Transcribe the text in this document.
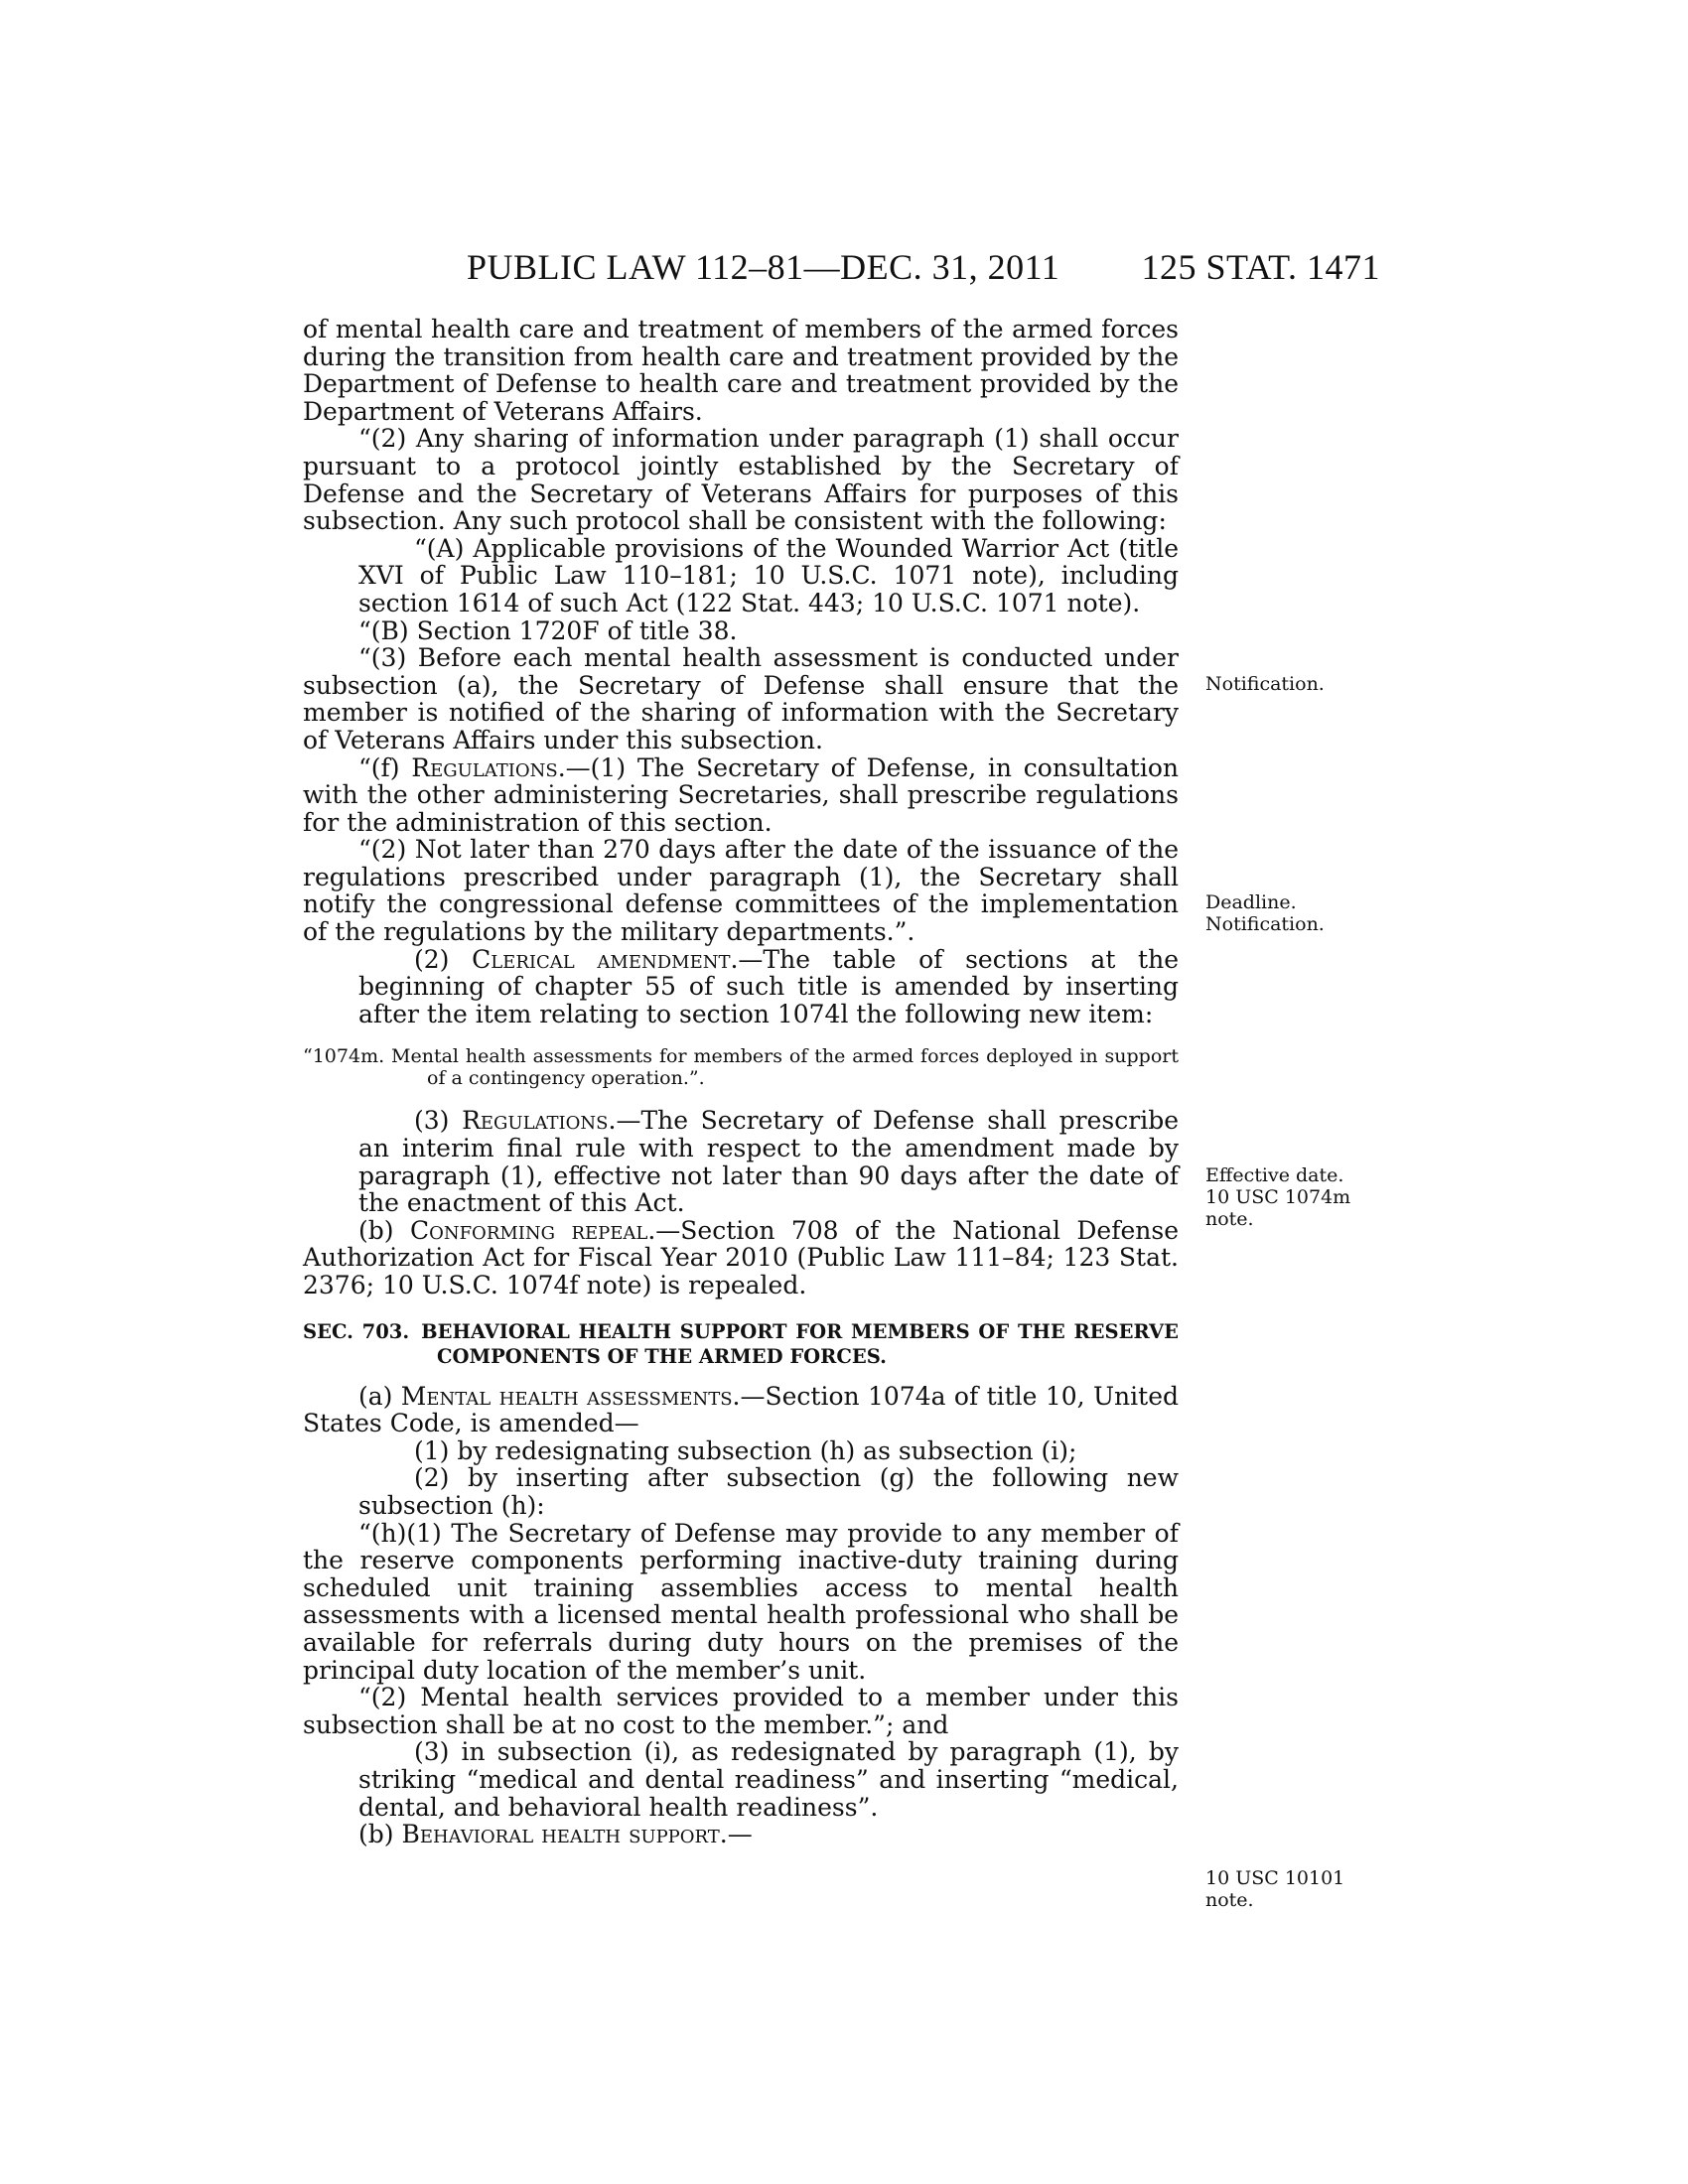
PUBLIC LAW 112–81—DEC. 31, 2011 125 STAT. 1471

of mental health care and treatment of members of the armed forces during the transition from health care and treatment provided by the Department of Defense to health care and treatment provided by the Department of Veterans Affairs.

“(2) Any sharing of information under paragraph (1) shall occur pursuant to a protocol jointly established by the Secretary of Defense and the Secretary of Veterans Affairs for purposes of this subsection. Any such protocol shall be consistent with the following:

“(A) Applicable provisions of the Wounded Warrior Act (title XVI of Public Law 110–181; 10 U.S.C. 1071 note), including section 1614 of such Act (122 Stat. 443; 10 U.S.C. 1071 note).

“(B) Section 1720F of title 38.

“(3) Before each mental health assessment is conducted under subsection (a), the Secretary of Defense shall ensure that the member is notified of the sharing of information with the Secretary of Veterans Affairs under this subsection.

“(f) Regulations.—(1) The Secretary of Defense, in consultation with the other administering Secretaries, shall prescribe regulations for the administration of this section.

“(2) Not later than 270 days after the date of the issuance of the regulations prescribed under paragraph (1), the Secretary shall notify the congressional defense committees of the implementation of the regulations by the military departments.”.

(2) Clerical amendment.—The table of sections at the beginning of chapter 55 of such title is amended by inserting after the item relating to section 1074l the following new item:

“1074m. Mental health assessments for members of the armed forces deployed in support of a contingency operation.”.

(3) Regulations.—The Secretary of Defense shall prescribe an interim final rule with respect to the amendment made by paragraph (1), effective not later than 90 days after the date of the enactment of this Act.

(b) Conforming repeal.—Section 708 of the National Defense Authorization Act for Fiscal Year 2010 (Public Law 111–84; 123 Stat. 2376; 10 U.S.C. 1074f note) is repealed.

SEC. 703. BEHAVIORAL HEALTH SUPPORT FOR MEMBERS OF THE RESERVE COMPONENTS OF THE ARMED FORCES.

(a) Mental health assessments.—Section 1074a of title 10, United States Code, is amended—

(1) by redesignating subsection (h) as subsection (i);

(2) by inserting after subsection (g) the following new subsection (h):

“(h)(1) The Secretary of Defense may provide to any member of the reserve components performing inactive-duty training during scheduled unit training assemblies access to mental health assessments with a licensed mental health professional who shall be available for referrals during duty hours on the premises of the principal duty location of the member’s unit.

“(2) Mental health services provided to a member under this subsection shall be at no cost to the member.”; and

(3) in subsection (i), as redesignated by paragraph (1), by striking “medical and dental readiness” and inserting “medical, dental, and behavioral health readiness”.

(b) Behavioral health support.—

Notification.
Deadline.
Notification.
Effective date.
10 USC 1074m
note.
10 USC 10101
note.
